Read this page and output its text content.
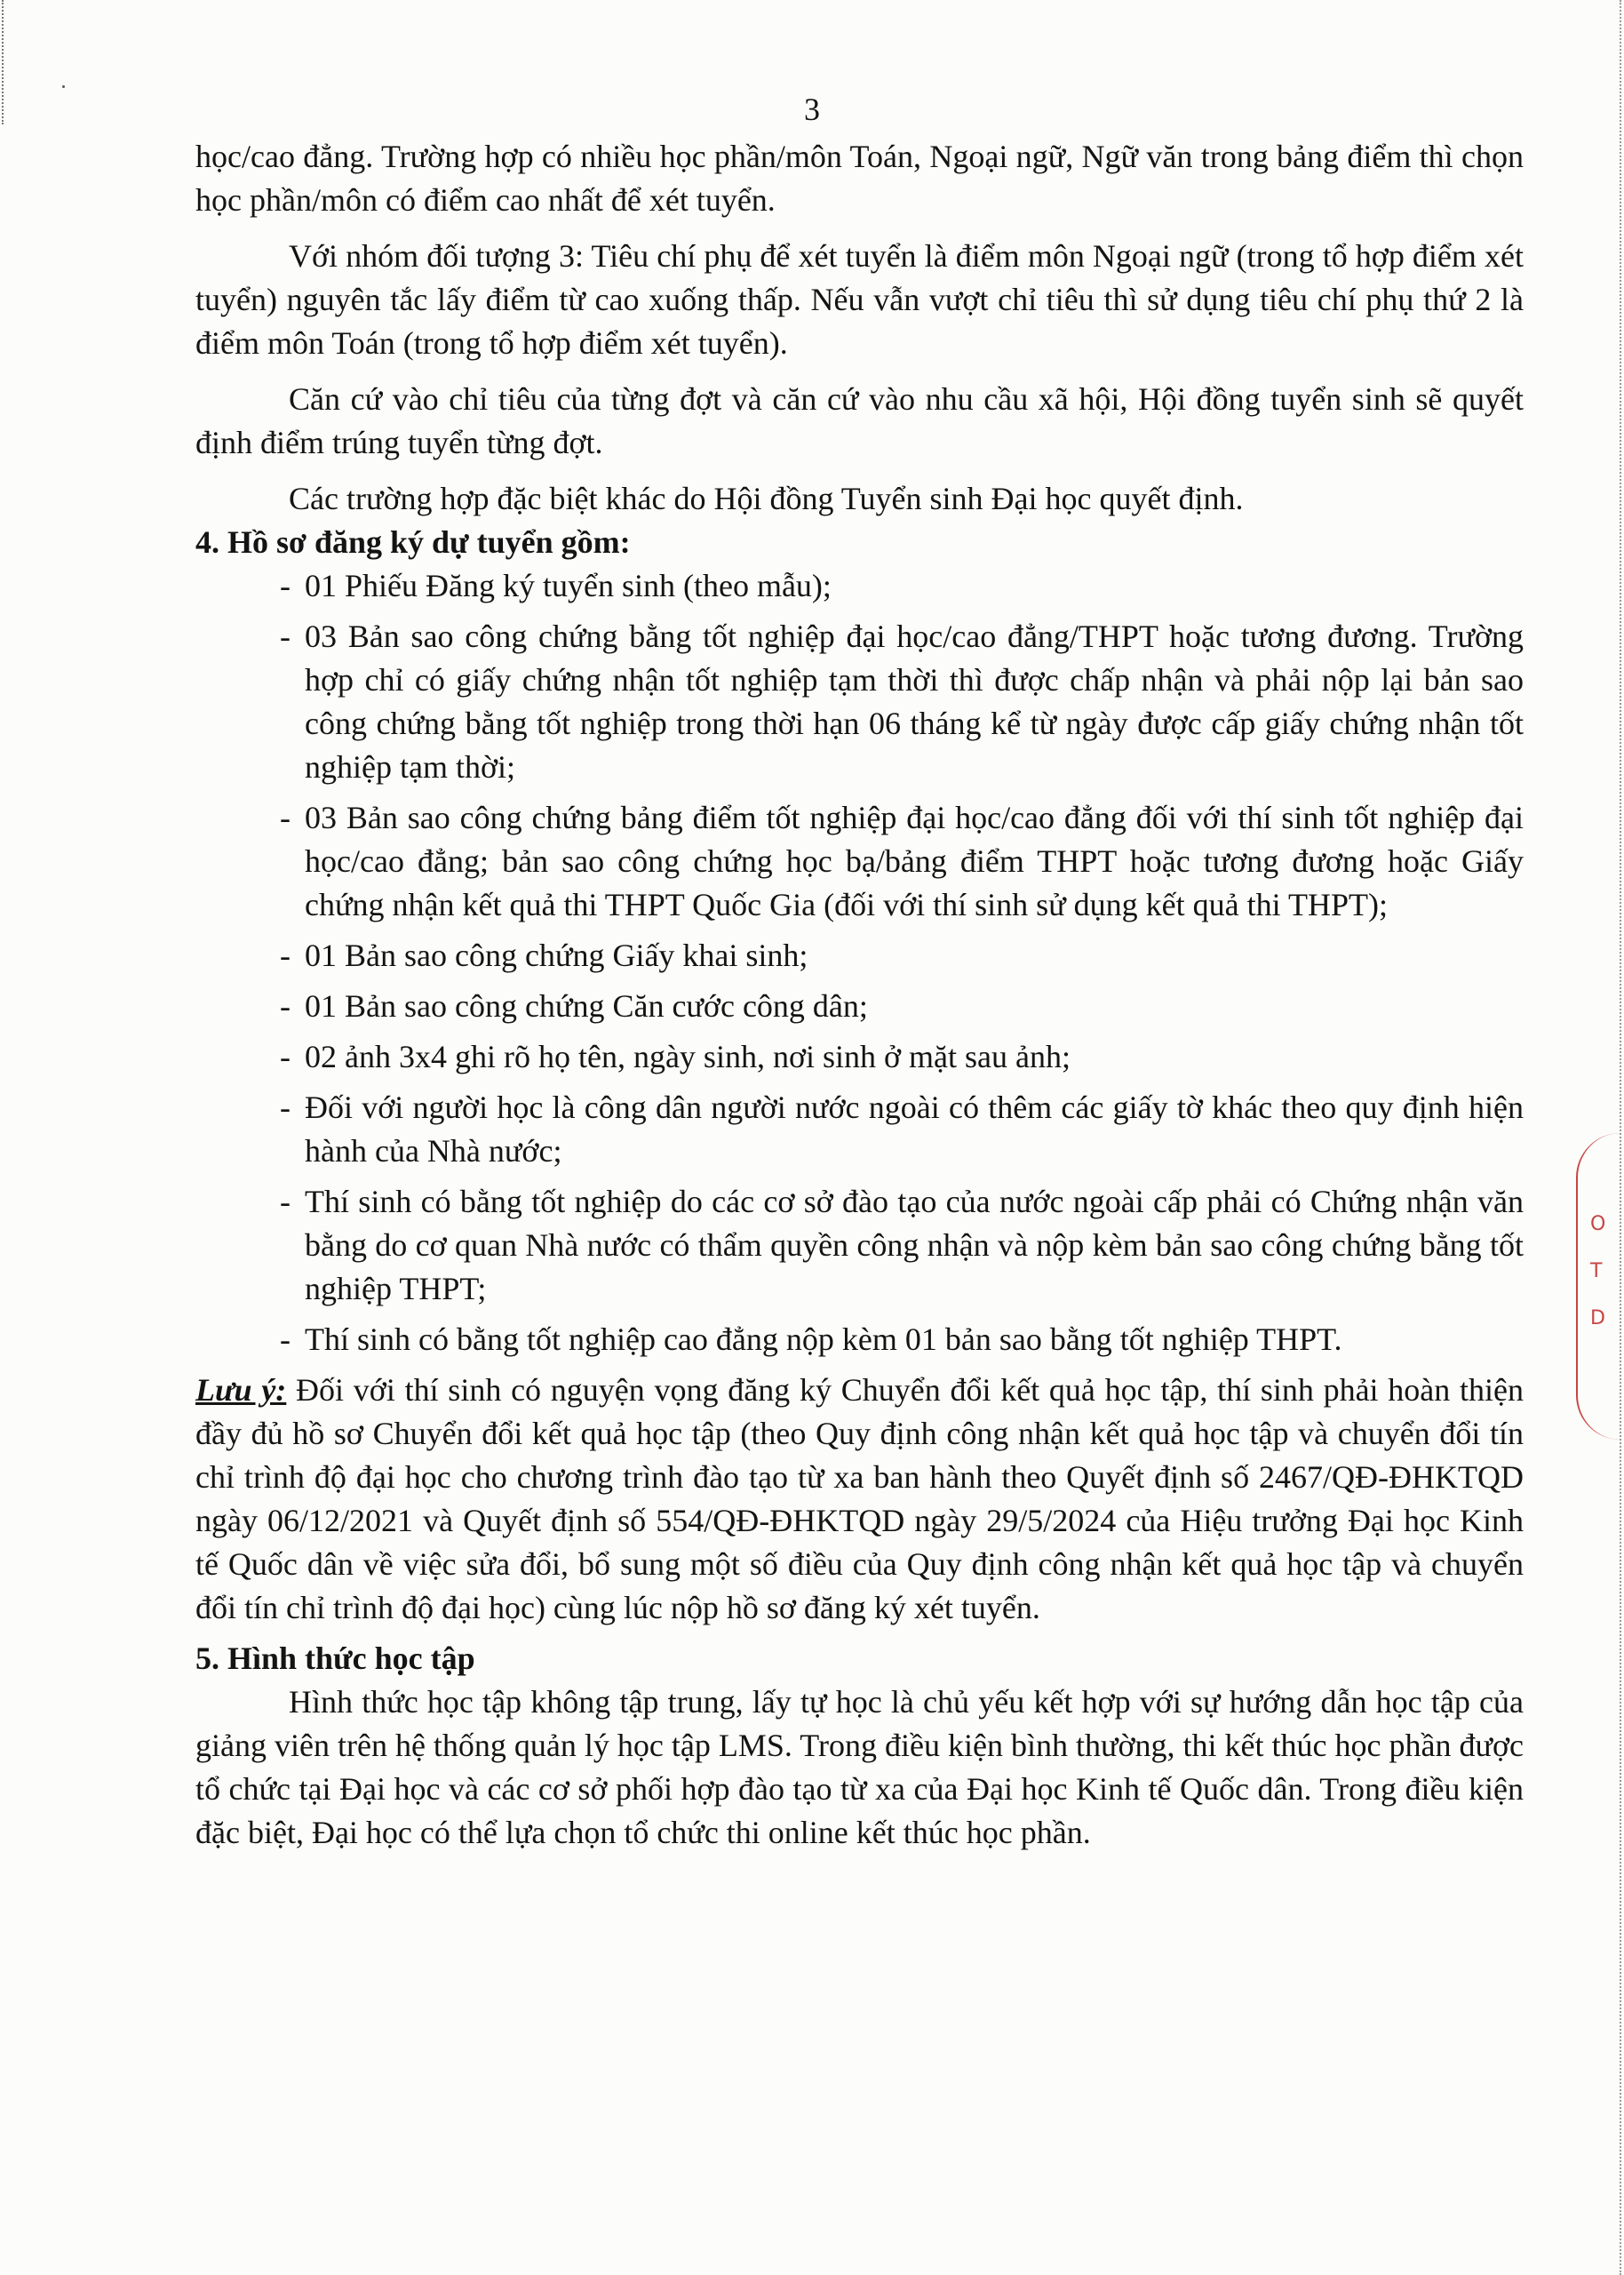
3

học/cao đẳng. Trường hợp có nhiều học phần/môn Toán, Ngoại ngữ, Ngữ văn trong bảng điểm thì chọn học phần/môn có điểm cao nhất để xét tuyển.

Với nhóm đối tượng 3: Tiêu chí phụ để xét tuyển là điểm môn Ngoại ngữ (trong tổ hợp điểm xét tuyển) nguyên tắc lấy điểm từ cao xuống thấp. Nếu vẫn vượt chỉ tiêu thì sử dụng tiêu chí phụ thứ 2 là điểm môn Toán (trong tổ hợp điểm xét tuyển).

Căn cứ vào chỉ tiêu của từng đợt và căn cứ vào nhu cầu xã hội, Hội đồng tuyển sinh sẽ quyết định điểm trúng tuyển từng đợt.

Các trường hợp đặc biệt khác do Hội đồng Tuyển sinh Đại học quyết định.

4. Hồ sơ đăng ký dự tuyển gồm:

- 01 Phiếu Đăng ký tuyển sinh (theo mẫu);
- 03 Bản sao công chứng bằng tốt nghiệp đại học/cao đẳng/THPT hoặc tương đương. Trường hợp chỉ có giấy chứng nhận tốt nghiệp tạm thời thì được chấp nhận và phải nộp lại bản sao công chứng bằng tốt nghiệp trong thời hạn 06 tháng kể từ ngày được cấp giấy chứng nhận tốt nghiệp tạm thời;
- 03 Bản sao công chứng bảng điểm tốt nghiệp đại học/cao đẳng đối với thí sinh tốt nghiệp đại học/cao đẳng; bản sao công chứng học bạ/bảng điểm THPT hoặc tương đương hoặc Giấy chứng nhận kết quả thi THPT Quốc Gia (đối với thí sinh sử dụng kết quả thi THPT);
- 01 Bản sao công chứng Giấy khai sinh;
- 01 Bản sao công chứng Căn cước công dân;
- 02 ảnh 3x4 ghi rõ họ tên, ngày sinh, nơi sinh ở mặt sau ảnh;
- Đối với người học là công dân người nước ngoài có thêm các giấy tờ khác theo quy định hiện hành của Nhà nước;
- Thí sinh có bằng tốt nghiệp do các cơ sở đào tạo của nước ngoài cấp phải có Chứng nhận văn bằng do cơ quan Nhà nước có thẩm quyền công nhận và nộp kèm bản sao công chứng bằng tốt nghiệp THPT;
- Thí sinh có bằng tốt nghiệp cao đẳng nộp kèm 01 bản sao bằng tốt nghiệp THPT.

Lưu ý: Đối với thí sinh có nguyện vọng đăng ký Chuyển đổi kết quả học tập, thí sinh phải hoàn thiện đầy đủ hồ sơ Chuyển đổi kết quả học tập (theo Quy định công nhận kết quả học tập và chuyển đổi tín chỉ trình độ đại học cho chương trình đào tạo từ xa ban hành theo Quyết định số 2467/QĐ-ĐHKTQD ngày 06/12/2021 và Quyết định số 554/QĐ-ĐHKTQD ngày 29/5/2024 của Hiệu trưởng Đại học Kinh tế Quốc dân về việc sửa đổi, bổ sung một số điều của Quy định công nhận kết quả học tập và chuyển đổi tín chỉ trình độ đại học) cùng lúc nộp hồ sơ đăng ký xét tuyển.

5. Hình thức học tập

Hình thức học tập không tập trung, lấy tự học là chủ yếu kết hợp với sự hướng dẫn học tập của giảng viên trên hệ thống quản lý học tập LMS. Trong điều kiện bình thường, thi kết thúc học phần được tổ chức tại Đại học và các cơ sở phối hợp đào tạo từ xa của Đại học Kinh tế Quốc dân. Trong điều kiện đặc biệt, Đại học có thể lựa chọn tổ chức thi online kết thúc học phần.

O
T
D
